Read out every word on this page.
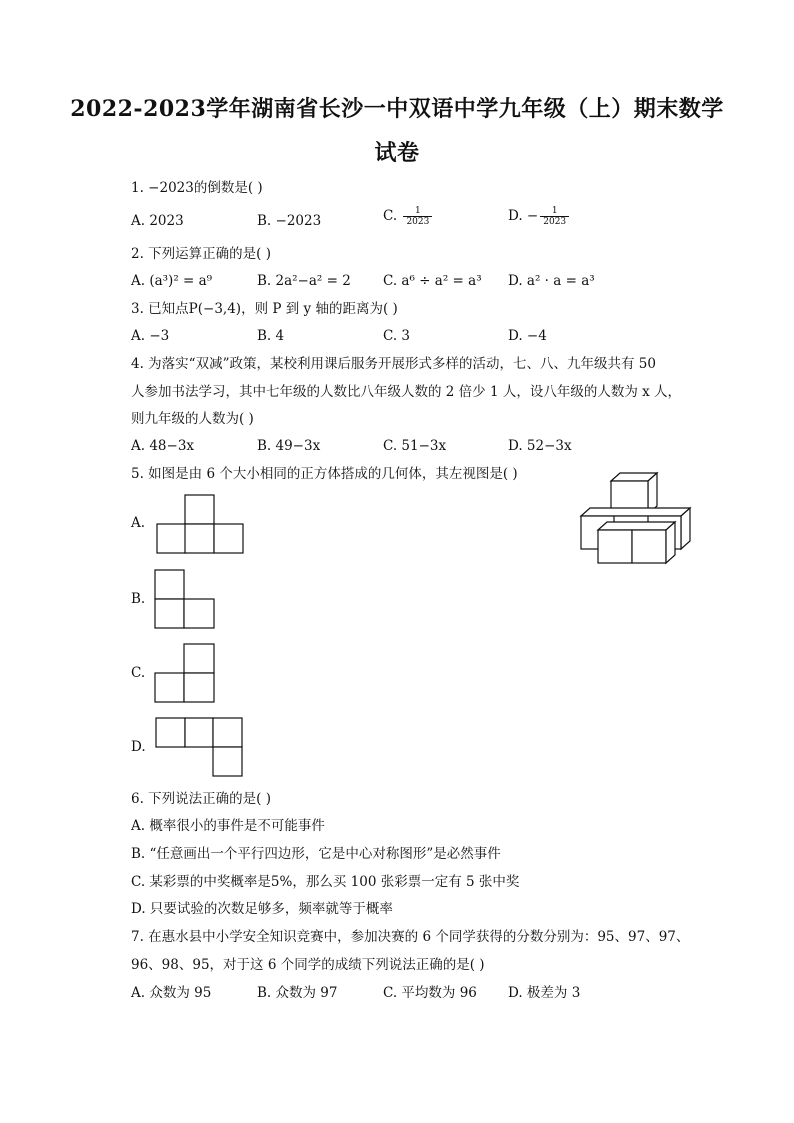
2022-2023学年湖南省长沙一中双语中学九年级（上）期末数学
试卷
1. −2023的倒数是( )
A. 2023	B. −2023	C. $\frac{1}{2023}$	D. − $\frac{1}{2023}$
2. 下列运算正确的是( )
A. (a³)² = a⁹	B. 2a²−a² = 2 C. a⁶ ÷ a² = a³ D. a² · a = a³
3. 已知点P(−3,4)，则 P 到 y 轴的距离为( )
A. −3	B. 4	C. 3	D. −4
4. 为落实“双减”政策，某校利用课后服务开展形式多样的活动，七、八、九年级共有 50
人参加书法学习，其中七年级的人数比八年级人数的 2 倍少 1 人，设八年级的人数为 x 人，
则九年级的人数为( )
A. 48−3x	B. 49−3x	C. 51−3x	D. 52−3x
5. 如图是由 6 个大小相同的正方体搭成的几何体，其左视图是( )
A.
B.
C.
D.
6. 下列说法正确的是( )
A. 概率很小的事件是不可能事件
B. “任意画出一个平行四边形，它是中心对称图形”是必然事件
C. 某彩票的中奖概率是5%，那么买 100 张彩票一定有 5 张中奖
D. 只要试验的次数足够多，频率就等于概率
7. 在惠水县中小学安全知识竞赛中，参加决赛的 6 个同学获得的分数分别为：95、97、97、
96、98、95，对于这 6 个同学的成绩下列说法正确的是( )
A. 众数为 95	B. 众数为 97	C. 平均数为 96 D. 极差为 3
